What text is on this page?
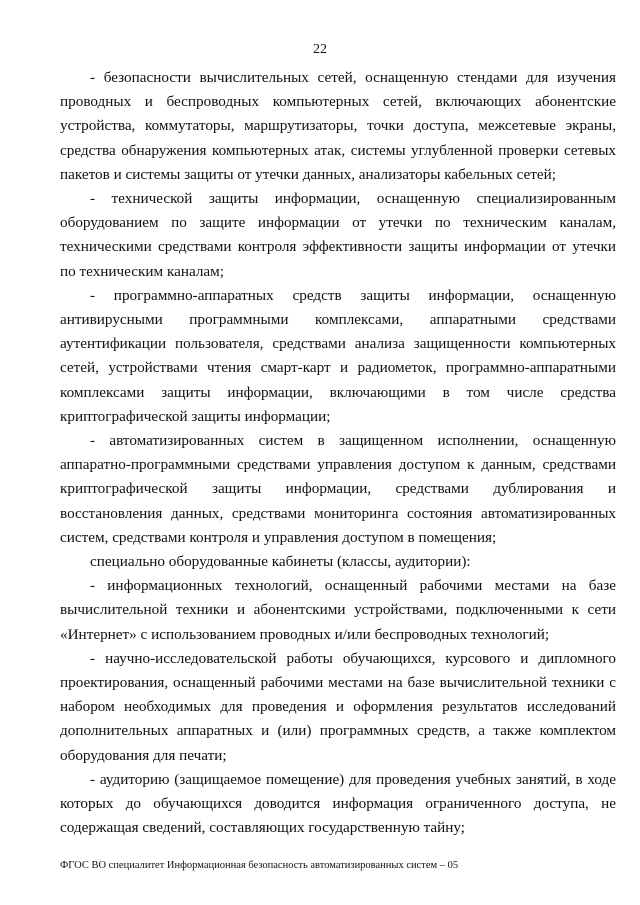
22

- безопасности вычислительных сетей, оснащенную стендами для изучения проводных и беспроводных компьютерных сетей, включающих абонентские устройства, коммутаторы, маршрутизаторы, точки доступа, межсетевые экраны, средства обнаружения компьютерных атак, системы углубленной проверки сетевых пакетов и системы защиты от утечки данных, анализаторы кабельных сетей;

- технической защиты информации, оснащенную специализированным оборудованием по защите информации от утечки по техническим каналам, техническими средствами контроля эффективности защиты информации от утечки по техническим каналам;

- программно-аппаратных средств защиты информации, оснащенную антивирусными программными комплексами, аппаратными средствами аутентификации пользователя, средствами анализа защищенности компьютерных сетей, устройствами чтения смарт-карт и радиометок, программно-аппаратными комплексами защиты информации, включающими в том числе средства криптографической защиты информации;

- автоматизированных систем в защищенном исполнении, оснащенную аппаратно-программными средствами управления доступом к данным, средствами криптографической защиты информации, средствами дублирования и восстановления данных, средствами мониторинга состояния автоматизированных систем, средствами контроля и управления доступом в помещения;

специально оборудованные кабинеты (классы, аудитории):

- информационных технологий, оснащенный рабочими местами на базе вычислительной техники и абонентскими устройствами, подключенными к сети «Интернет» с использованием проводных и/или беспроводных технологий;

- научно-исследовательской работы обучающихся, курсового и дипломного проектирования, оснащенный рабочими местами на базе вычислительной техники с набором необходимых для проведения и оформления результатов исследований дополнительных аппаратных и (или) программных средств, а также комплектом оборудования для печати;

- аудиторию (защищаемое помещение) для проведения учебных занятий, в ходе которых до обучающихся доводится информация ограниченного доступа, не содержащая сведений, составляющих государственную тайну;

ФГОС ВО специалитет Информационная безопасность автоматизированных систем – 05
